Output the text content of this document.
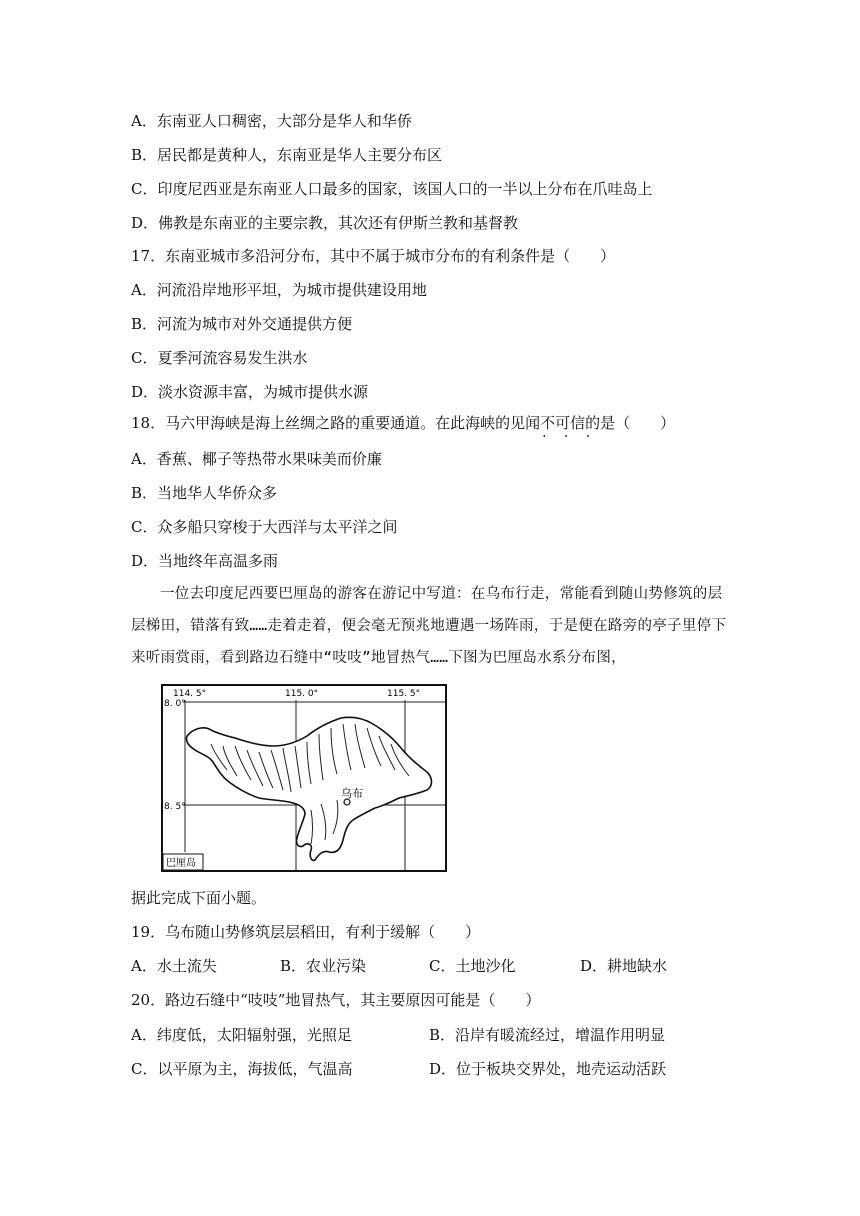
A．东南亚人口稠密，大部分是华人和华侨
B．居民都是黄种人，东南亚是华人主要分布区
C．印度尼西亚是东南亚人口最多的国家，该国人口的一半以上分布在爪哇岛上
D．佛教是东南亚的主要宗教，其次还有伊斯兰教和基督教
17．东南亚城市多沿河分布，其中不属于城市分布的有利条件是（　　）
A．河流沿岸地形平坦，为城市提供建设用地
B．河流为城市对外交通提供方便
C．夏季河流容易发生洪水
D．淡水资源丰富，为城市提供水源
18．马六甲海峡是海上丝绸之路的重要通道。在此海峡的见闻不可信 · ·的是（　　）
A．香蕉、椰子等热带水果味美而价廉
B．当地华人华侨众多
C．众多船只穿梭于大西洋与太平洋之间
D．当地终年高温多雨
一位去印度尼西要巴厘岛的游客在游记中写道：在乌布行走，常能看到随山势修筑的层层梯田，错落有致……走着走着，便会毫无预兆地遭遇一场阵雨，于是便在路旁的亭子里停下来听雨赏雨，看到路边石缝中“吱吱”地冒热气……下图为巴厘岛水系分布图，
乌布
114. 5°	115. 0°	115. 5°
8. 0°
8. 5°
巴厘岛
据此完成下面小题。
19．乌布随山势修筑层层稻田，有利于缓解（　　）
A．水土流失	B．农业污染	C．土地沙化	D．耕地缺水
20．路边石缝中“吱吱”地冒热气，其主要原因可能是（　　）
A．纬度低，太阳辐射强，光照足	B．沿岸有暖流经过，增温作用明显
C．以平原为主，海拔低，气温高	D．位于板块交界处，地壳运动活跃
